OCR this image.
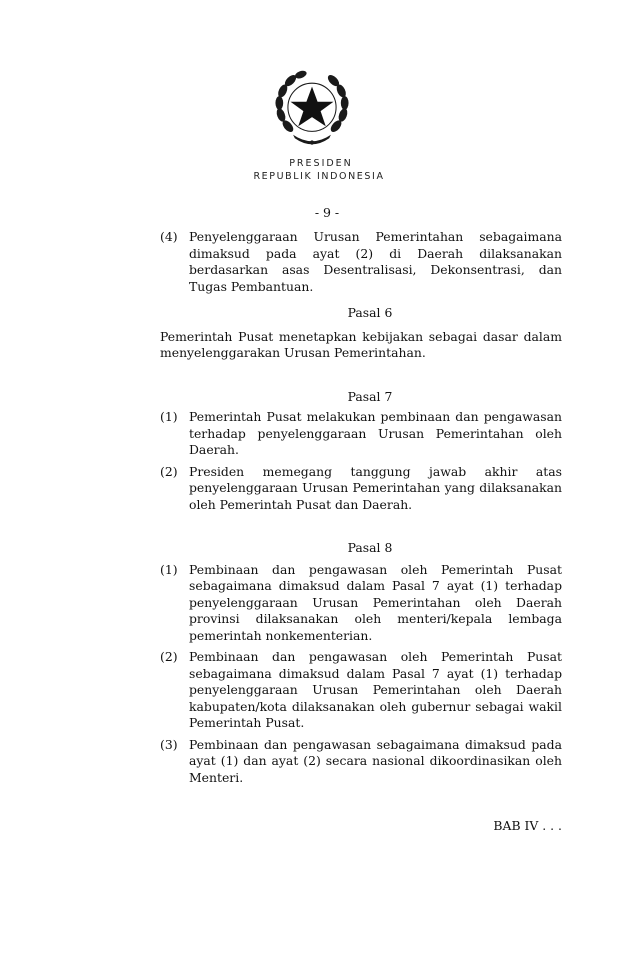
PRESIDEN
REPUBLIK INDONESIA
- 9 -
(4) Penyelenggaraan Urusan Pemerintahan sebagaimana dimaksud pada ayat (2) di Daerah dilaksanakan berdasarkan asas Desentralisasi, Dekonsentrasi, dan Tugas Pembantuan.
Pasal 6
Pemerintah Pusat menetapkan kebijakan sebagai dasar dalam menyelenggarakan Urusan Pemerintahan.
Pasal 7
(1) Pemerintah Pusat melakukan pembinaan dan pengawasan terhadap penyelenggaraan Urusan Pemerintahan oleh Daerah.
(2) Presiden memegang tanggung jawab akhir atas penyelenggaraan Urusan Pemerintahan yang dilaksanakan oleh Pemerintah Pusat dan Daerah.
Pasal 8
(1) Pembinaan dan pengawasan oleh Pemerintah Pusat sebagaimana dimaksud dalam Pasal 7 ayat (1) terhadap penyelenggaraan Urusan Pemerintahan oleh Daerah provinsi dilaksanakan oleh menteri/kepala lembaga pemerintah nonkementerian.
(2) Pembinaan dan pengawasan oleh Pemerintah Pusat sebagaimana dimaksud dalam Pasal 7 ayat (1) terhadap penyelenggaraan Urusan Pemerintahan oleh Daerah kabupaten/kota dilaksanakan oleh gubernur sebagai wakil Pemerintah Pusat.
(3) Pembinaan dan pengawasan sebagaimana dimaksud pada ayat (1) dan ayat (2) secara nasional dikoordinasikan oleh Menteri.
BAB IV . . .
